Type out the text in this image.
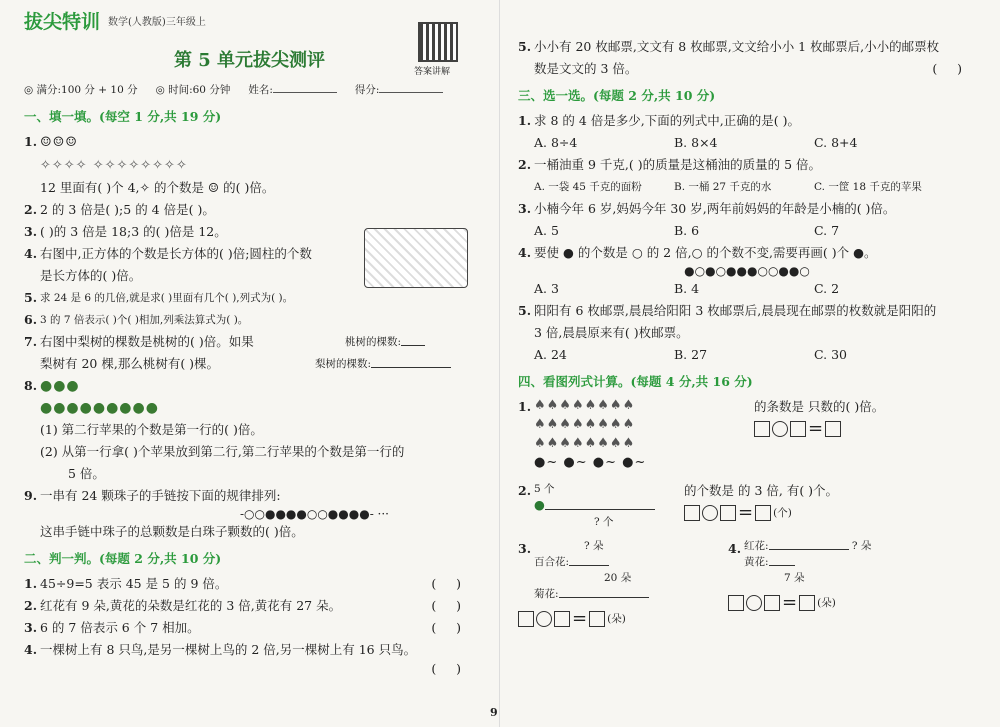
拔尖特训 数学(人教版)三年级上
答案讲解
第 5 单元拔尖测评
◎ 满分:100 分 + 10 分 ◎ 时间:60 分钟 姓名:	得分:
一、填一填。(每空 1 分,共 19 分)
1. ☺☺☺
✧✧✧✧ ✧✧✧✧✧✧✧✧
12 里面有( )个 4,✧ 的个数是 ☺ 的( )倍。
2. 2 的 3 倍是( );5 的 4 倍是( )。
3. ( )的 3 倍是 18;3 的( )倍是 12。
4. 右图中,正方体的个数是长方体的( )倍;圆柱的个数
是长方体的( )倍。
5. 求 24 是 6 的几倍,就是求( )里面有几个( ),列式为( )。
6. 3 的 7 倍表示( )个( )相加,列乘法算式为( )。
7. 右图中梨树的棵数是桃树的( )倍。如果	桃树的棵数:
梨树有 20 棵,那么桃树有( )棵。	梨树的棵数:
8. ●●●
●●●●●●●●●
(1) 第二行苹果的个数是第一行的( )倍。
(2) 从第一行拿( )个苹果放到第二行,第二行苹果的个数是第一行的
5 倍。
9. 一串有 24 颗珠子的手链按下面的规律排列:
-○○●●●●○○●●●●- ···
这串手链中珠子的总颗数是白珠子颗数的( )倍。
二、判一判。(每题 2 分,共 10 分)
1. 45÷9=5 表示 45 是 5 的 9 倍。	(     )
2. 红花有 9 朵,黄花的朵数是红花的 3 倍,黄花有 27 朵。	(     )
3. 6 的 7 倍表示 6 个 7 相加。	(     )
4. 一棵树上有 8 只鸟,是另一棵树上鸟的 2 倍,另一棵树上有 16 只鸟。
(     )
5. 小小有 20 枚邮票,文文有 8 枚邮票,文文给小小 1 枚邮票后,小小的邮票枚
数是文文的 3 倍。	(     )
三、选一选。(每题 2 分,共 10 分)
1. 求 8 的 4 倍是多少,下面的列式中,正确的是( )。
A. 8÷4	B. 8×4	C. 8+4
2. 一桶油重 9 千克,( )的质量是这桶油的质量的 5 倍。
A. 一袋 45 千克的面粉	B. 一桶 27 千克的水	C. 一筐 18 千克的苹果
3. 小楠今年 6 岁,妈妈今年 30 岁,两年前妈妈的年龄是小楠的( )倍。
A. 5	B. 6	C. 7
4. 要使 ● 的个数是 ○ 的 2 倍,○ 的个数不变,需要再画( )个 ●。
●○●○●●●○○●●○
A. 3	B. 4	C. 2
5. 阳阳有 6 枚邮票,晨晨给阳阳 3 枚邮票后,晨晨现在邮票的枚数就是阳阳的
3 倍,晨晨原来有( )枚邮票。
A. 24	B. 27	C. 30
四、看图列式计算。(每题 4 分,共 16 分)
1. ♠♠♠♠♠♠♠♠
♠♠♠♠♠♠♠♠
♠♠♠♠♠♠♠♠
●~ ●~ ●~ ●~
的条数是 只数的( )倍。

=
2. 5 个
●
? 个
的个数是 的 3 倍, 有( )个。

= (个)
3.	? 朵
百合花:
20 朵
菊花:
= (朵)
4. 红花:	? 朵
黄花:
7 朵
= (朵)
9
